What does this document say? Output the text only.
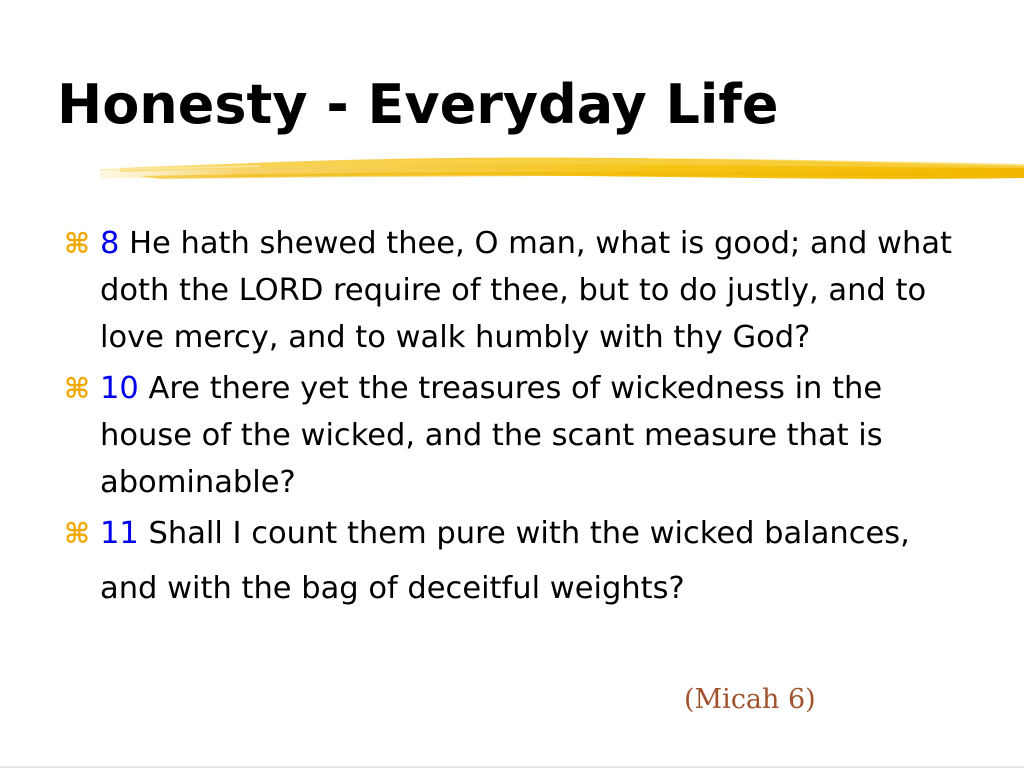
Honesty - Everyday Life
⌘ 8 He hath shewed thee, O man, what is good; and what doth the LORD require of thee, but to do justly, and to love mercy, and to walk humbly with thy God?
⌘ 10 Are there yet the treasures of wickedness in the house of the wicked, and the scant measure that is abominable?
⌘ 11 Shall I count them pure with the wicked balances, and with the bag of deceitful weights?
(Micah 6)
